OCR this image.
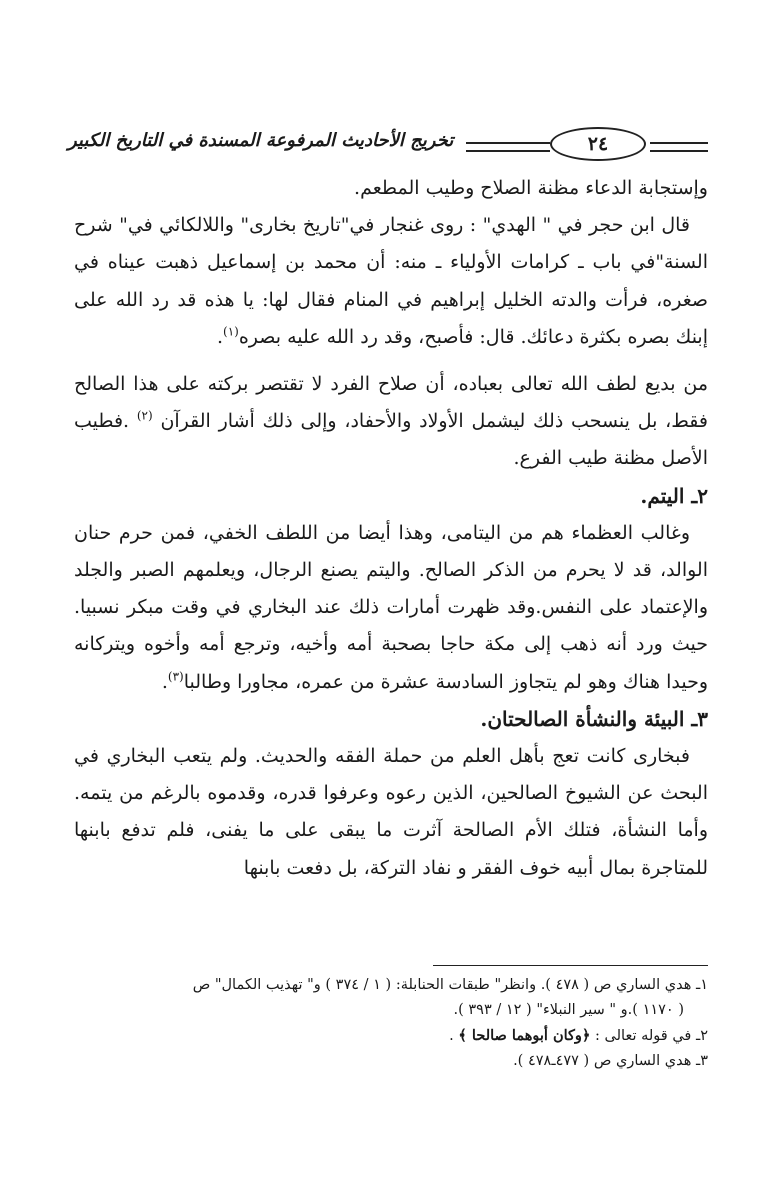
٢٤
تخريج الأحاديث المرفوعة المسندة في التاريخ الكبير

وإستجابة الدعاء مظنة الصلاح وطيب المطعم.

قال ابن حجر في " الهدي" : روى غنجار في"تاريخ بخارى" واللالكائي في" شرح السنة"في باب ـ كرامات الأولياء ـ منه: أن محمد بن إسماعيل ذهبت عيناه في صغره، فرأت والدته الخليل إبراهيم في المنام فقال لها: يا هذه قد رد الله على إبنك بصره بكثرة دعائك. قال: فأصبح، وقد رد الله عليه بصره$^{(١)}$.

من بديع لطف الله تعالى بعباده، أن صلاح الفرد لا تقتصر بركته على هذا الصالح فقط، بل ينسحب ذلك ليشمل الأولاد والأحفاد، وإلى ذلك أشار القرآن $^{(٢)}$ .فطيب الأصل مظنة طيب الفرع.

٢ـ اليتم.

وغالب العظماء هم من اليتامى، وهذا أيضا من اللطف الخفي، فمن حرم حنان الوالد، قد لا يحرم من الذكر الصالح. واليتم يصنع الرجال، ويعلمهم الصبر والجلد والإعتماد على النفس.وقد ظهرت أمارات ذلك عند البخاري في وقت مبكر نسبيا. حيث ورد أنه ذهب إلى مكة حاجا بصحبة أمه وأخيه، وترجع أمه وأخوه ويتركانه وحيدا هناك وهو لم يتجاوز السادسة عشرة من عمره، مجاورا وطالبا$^{(٣)}$.

٣ـ البيئة والنشأة الصالحتان.

فبخارى كانت تعج بأهل العلم من حملة الفقه والحديث. ولم يتعب البخاري في البحث عن الشيوخ الصالحين، الذين رعوه وعرفوا قدره، وقدموه بالرغم من يتمه. وأما النشأة، فتلك الأم الصالحة آثرت ما يبقى على ما يفنى، فلم تدفع بابنها للمتاجرة بمال أبيه خوف الفقر و نفاد التركة، بل دفعت بابنها

١ـ هدي الساري ص ( ٤٧٨ ). وانظر" طبقات الحنابلة: ( ١ / ٣٧٤ ) و" تهذيب الكمال" ص

( ١١٧٠ ).و " سير النبلاء" ( ١٢ / ٣٩٣ ).

٢ـ في قوله تعالى : ﴿وكان أبوهما صالحا ﴾ .

٣ـ هدي الساري ص ( ٤٧٧ـ٤٧٨ ).
